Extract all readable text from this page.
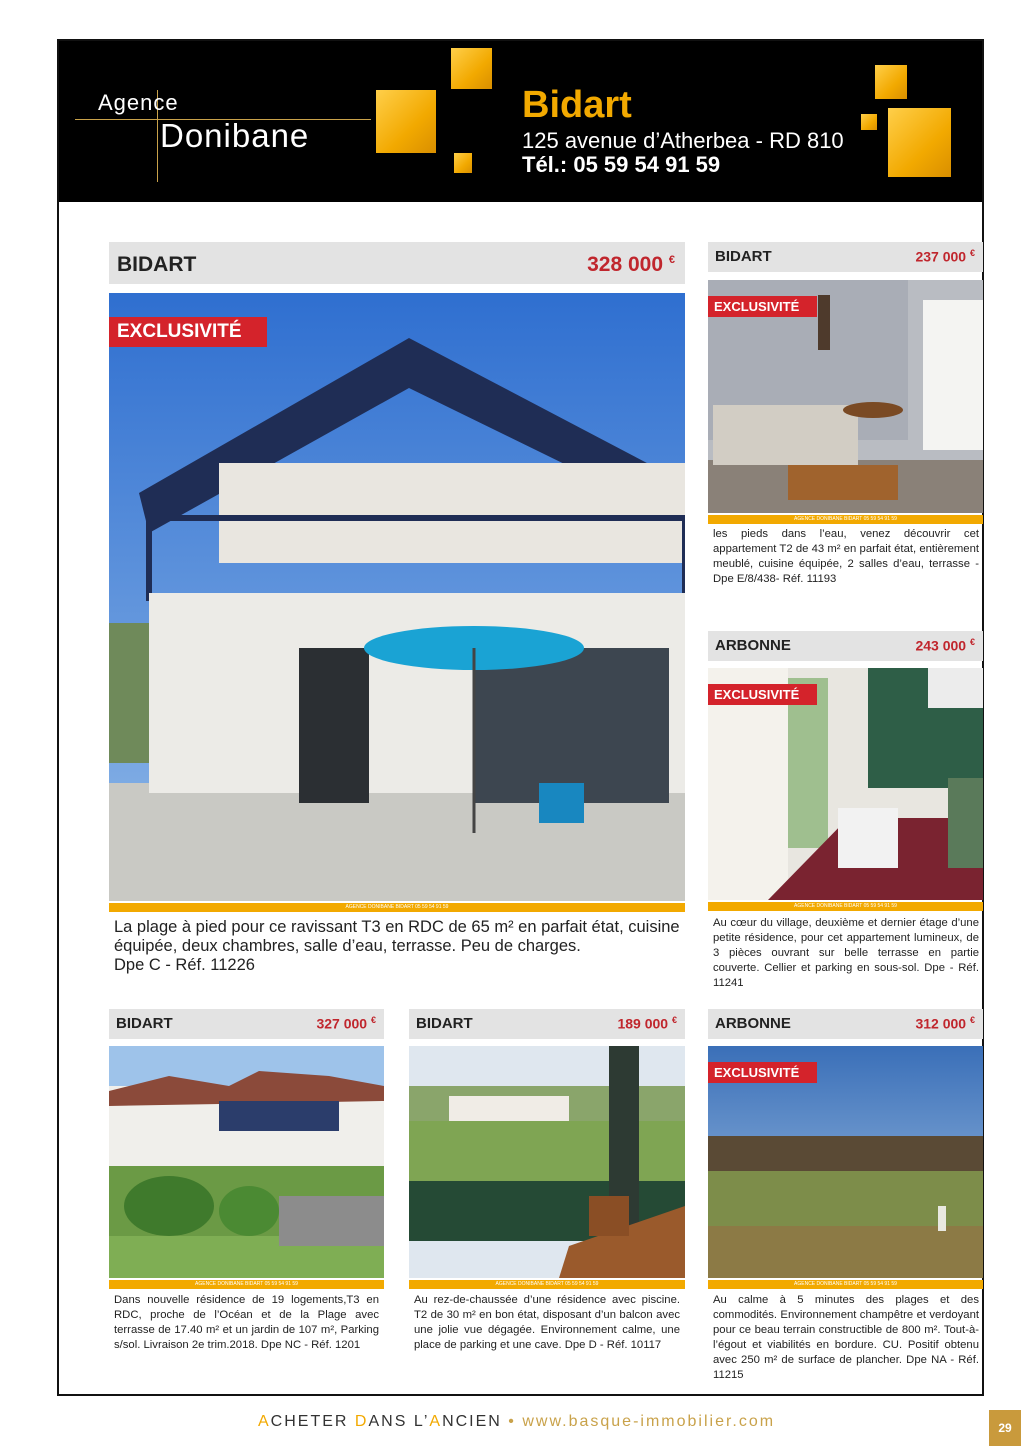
Agence
Donibane
Bidart
125 avenue d’Atherbea - RD 810
Tél.: 05 59 54 91 59
BIDART	328 000 €
EXCLUSIVITÉ
AGENCE DONIBANE BIDART 05 59 54 91 59
La plage à pied pour ce ravissant T3 en RDC de 65 m² en parfait état, cuisine équipée, deux chambres, salle d’eau, terrasse. Peu de charges.
Dpe C - Réf. 11226
BIDART	237 000 €
EXCLUSIVITÉ
AGENCE DONIBANE BIDART 05 59 54 91 59
les pieds dans l’eau, venez découvrir cet appartement T2 de 43 m² en parfait état, entièrement meublé, cuisine équipée, 2 salles d’eau, terrasse - Dpe E/8/438- Réf. 11193
ARBONNE	243 000 €
EXCLUSIVITÉ
AGENCE DONIBANE BIDART 05 59 54 91 59
Au cœur du village, deuxième et dernier étage d’une petite résidence, pour cet appartement lumineux, de 3 pièces ouvrant sur belle terrasse en partie couverte. Cellier et parking en sous-sol. Dpe - Réf. 11241
BIDART	327 000 €
AGENCE DONIBANE BIDART 05 59 54 91 59
Dans nouvelle résidence de 19 logements,T3 en RDC, proche de l’Océan et de la Plage avec terrasse de 17.40 m² et un jardin de 107 m², Parking s/sol. Livraison 2e trim.2018. Dpe NC - Réf. 1201
BIDART	189 000 €
AGENCE DONIBANE BIDART 05 59 54 91 59
Au rez-de-chaussée d’une résidence avec piscine. T2 de 30 m² en bon état, disposant d’un balcon avec une jolie vue dégagée. Environnement calme, une place de parking et une cave. Dpe D - Réf. 10117
ARBONNE	312 000 €
EXCLUSIVITÉ
AGENCE DONIBANE BIDART 05 59 54 91 59
Au calme à 5 minutes des plages et des commodités. Environnement champêtre et verdoyant pour ce beau terrain constructible de 800 m². Tout-à-l’égout et viabilités en bordure. CU. Positif obtenu avec 250 m² de surface de plancher. Dpe NA - Réf. 11215
ACHETER DANS L’ANCIEN • www.basque-immobilier.com	29
